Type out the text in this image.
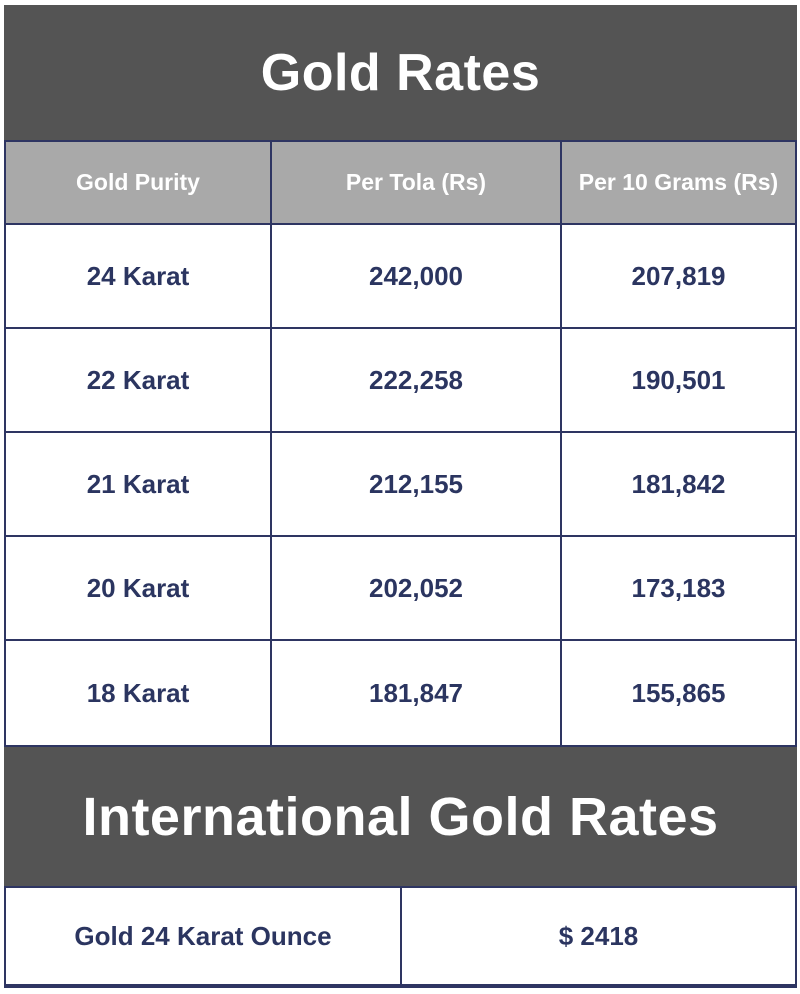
Gold Rates
Gold Purity	Per Tola (Rs)	Per 10 Grams (Rs)
24 Karat	242,000	207,819
22 Karat	222,258	190,501
21 Karat	212,155	181,842
20 Karat	202,052	173,183
18 Karat	181,847	155,865
International Gold Rates
Gold 24 Karat Ounce	$ 2418
